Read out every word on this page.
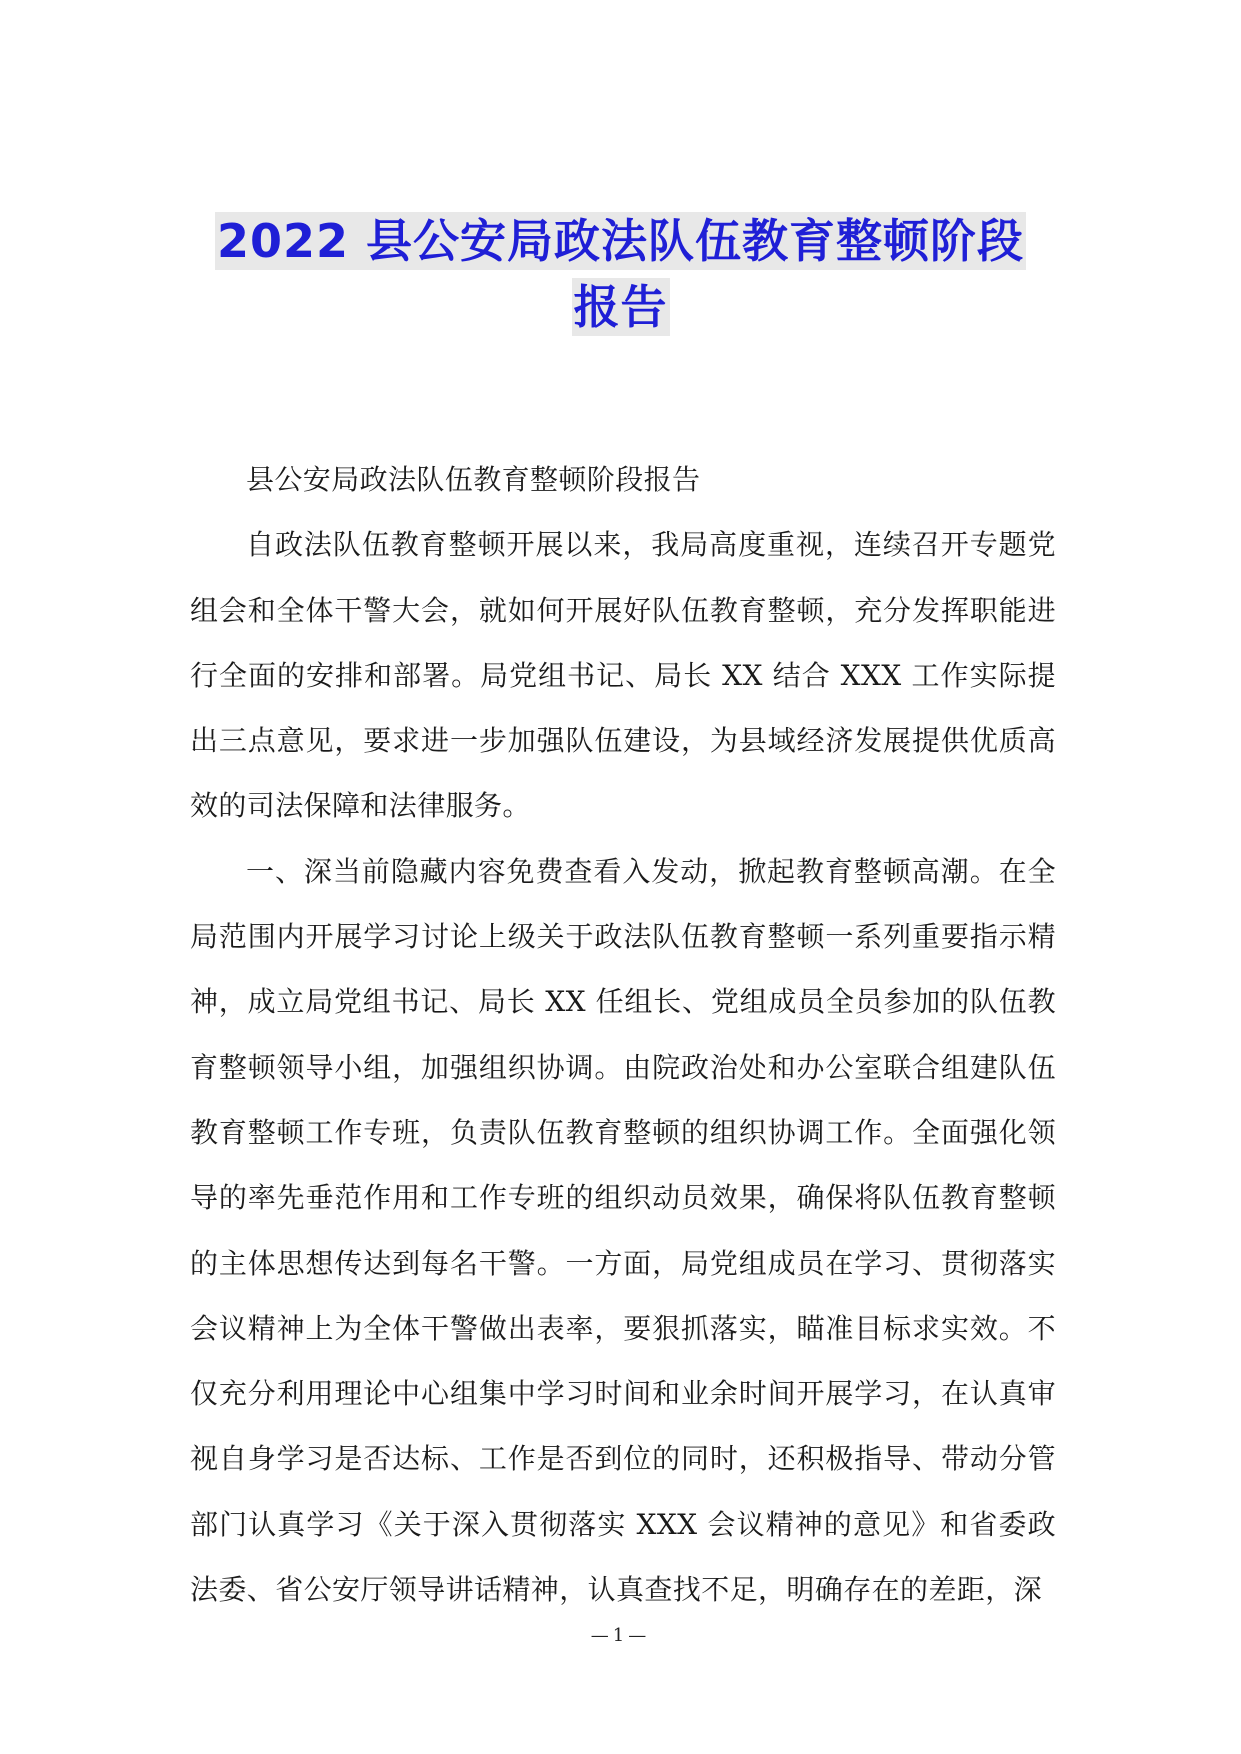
2022 县公安局政法队伍教育整顿阶段
报告

县公安局政法队伍教育整顿阶段报告

自政法队伍教育整顿开展以来，我局高度重视，连续召开专题党组会和全体干警大会，就如何开展好队伍教育整顿，充分发挥职能进行全面的安排和部署。局党组书记、局长 XX 结合 XXX 工作实际提出三点意见，要求进一步加强队伍建设，为县域经济发展提供优质高效的司法保障和法律服务。

一、深当前隐藏内容免费查看入发动，掀起教育整顿高潮。在全局范围内开展学习讨论上级关于政法队伍教育整顿一系列重要指示精神，成立局党组书记、局长 XX 任组长、党组成员全员参加的队伍教育整顿领导小组，加强组织协调。由院政治处和办公室联合组建队伍教育整顿工作专班，负责队伍教育整顿的组织协调工作。全面强化领导的率先垂范作用和工作专班的组织动员效果，确保将队伍教育整顿的主体思想传达到每名干警。一方面，局党组成员在学习、贯彻落实会议精神上为全体干警做出表率，要狠抓落实，瞄准目标求实效。不仅充分利用理论中心组集中学习时间和业余时间开展学习，在认真审视自身学习是否达标、工作是否到位的同时，还积极指导、带动分管部门认真学习《关于深入贯彻落实 XXX 会议精神的意见》和省委政法委、省公安厅领导讲话精神，认真查找不足，明确存在的差距，深

—1—
